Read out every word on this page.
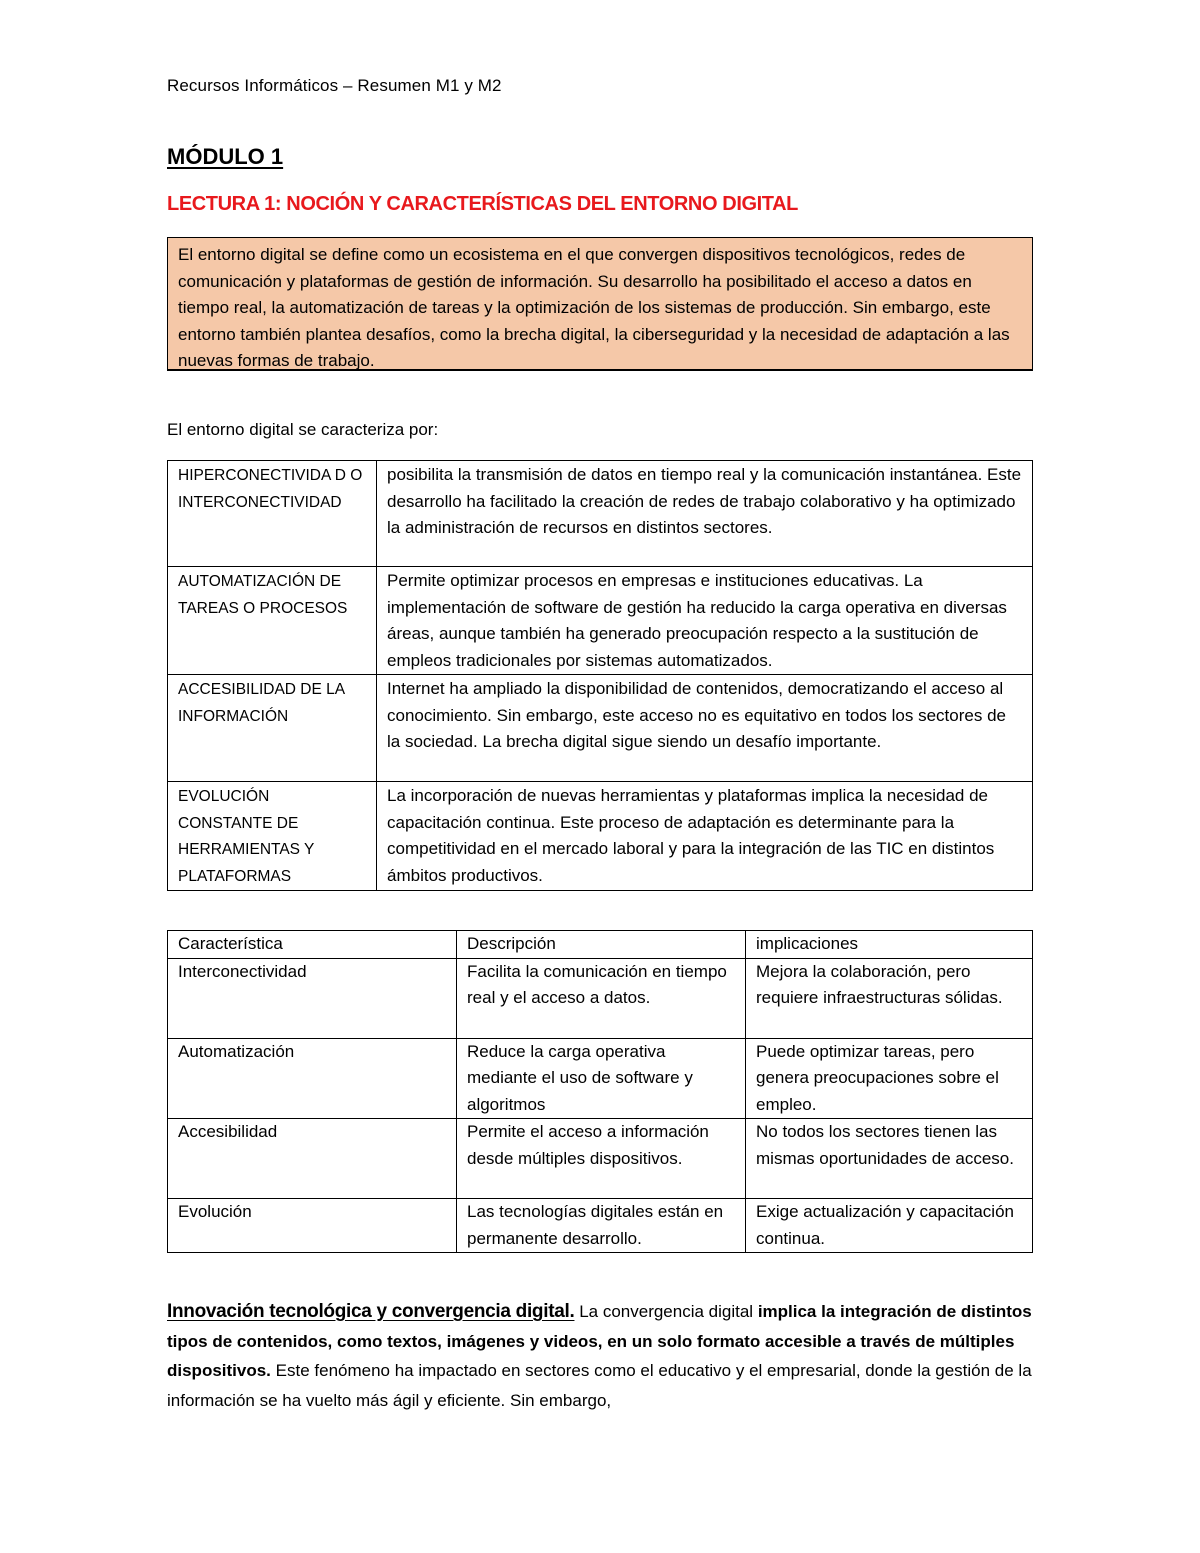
Recursos Informáticos – Resumen M1 y M2
MÓDULO 1
LECTURA 1: NOCIÓN Y CARACTERÍSTICAS DEL ENTORNO DIGITAL
El entorno digital se define como un ecosistema en el que convergen dispositivos tecnológicos, redes de comunicación y plataformas de gestión de información. Su desarrollo ha posibilitado el acceso a datos en tiempo real, la automatización de tareas y la optimización de los sistemas de producción. Sin embargo, este entorno también plantea desafíos, como la brecha digital, la ciberseguridad y la necesidad de adaptación a las nuevas formas de trabajo.
El entorno digital se caracteriza por:
HIPERCONECTIVIDA D O INTERCONECTIVIDAD	posibilita la transmisión de datos en tiempo real y la comunicación instantánea. Este desarrollo ha facilitado la creación de redes de trabajo colaborativo y ha optimizado la administración de recursos en distintos sectores.
AUTOMATIZACIÓN DE TAREAS O PROCESOS	Permite optimizar procesos en empresas e instituciones educativas. La implementación de software de gestión ha reducido la carga operativa en diversas áreas, aunque también ha generado preocupación respecto a la sustitución de empleos tradicionales por sistemas automatizados.
ACCESIBILIDAD DE LA INFORMACIÓN	Internet ha ampliado la disponibilidad de contenidos, democratizando el acceso al conocimiento. Sin embargo, este acceso no es equitativo en todos los sectores de la sociedad. La brecha digital sigue siendo un desafío importante.
EVOLUCIÓN CONSTANTE DE HERRAMIENTAS Y PLATAFORMAS	La incorporación de nuevas herramientas y plataformas implica la necesidad de capacitación continua. Este proceso de adaptación es determinante para la competitividad en el mercado laboral y para la integración de las TIC en distintos ámbitos productivos.
Característica	Descripción	implicaciones
Interconectividad	Facilita la comunicación en tiempo real y el acceso a datos.	Mejora la colaboración, pero requiere infraestructuras sólidas.
Automatización	Reduce la carga operativa mediante el uso de software y algoritmos	Puede optimizar tareas, pero genera preocupaciones sobre el empleo.
Accesibilidad	Permite el acceso a información desde múltiples dispositivos.	No todos los sectores tienen las mismas oportunidades de acceso.
Evolución	Las tecnologías digitales están en permanente desarrollo.	Exige actualización y capacitación continua.
Innovación tecnológica y convergencia digital. La convergencia digital implica la integración de distintos tipos de contenidos, como textos, imágenes y videos, en un solo formato accesible a través de múltiples dispositivos. Este fenómeno ha impactado en sectores como el educativo y el empresarial, donde la gestión de la información se ha vuelto más ágil y eficiente. Sin embargo,
